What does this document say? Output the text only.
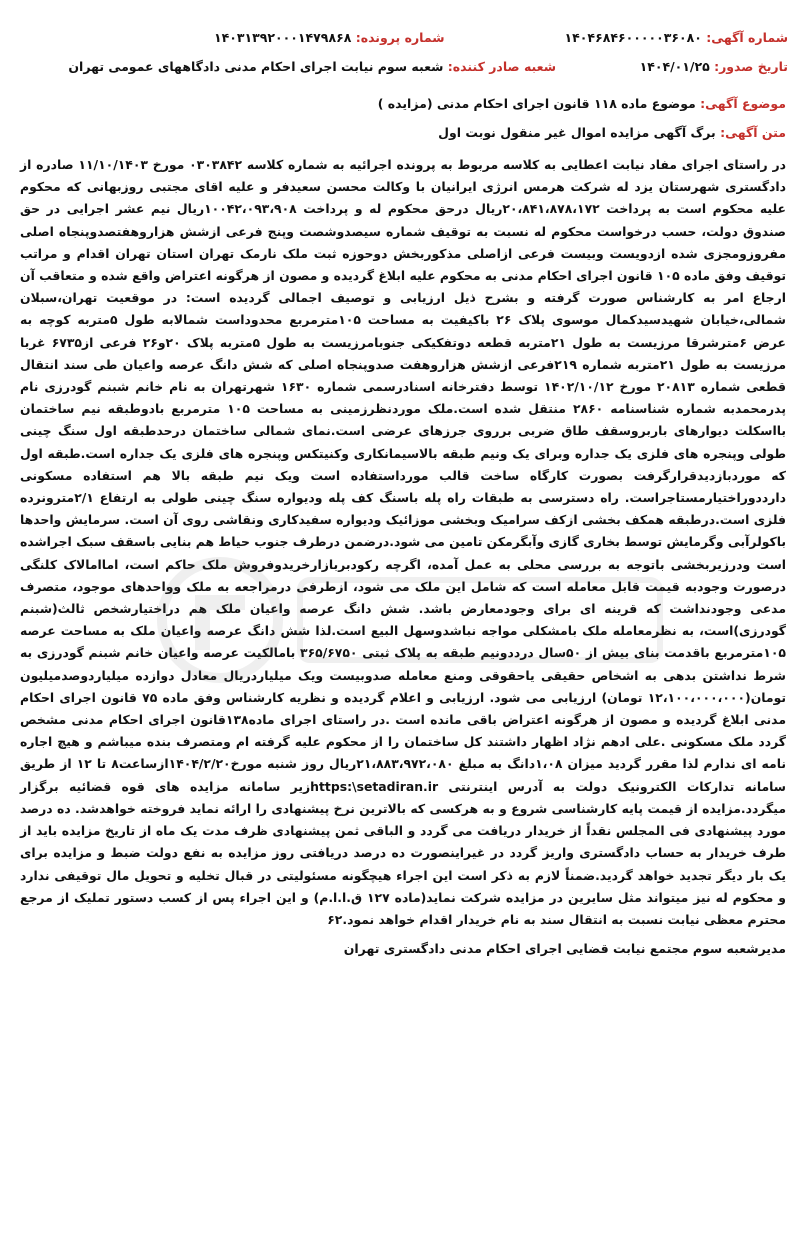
شماره آگهی: ۱۴۰۴۶۸۴۶۰۰۰۰۰۳۶۰۸۰
شماره پرونده: ۱۴۰۳۱۳۹۲۰۰۰۱۴۷۹۸۶۸
تاریخ صدور: ۱۴۰۴/۰۱/۲۵
شعبه صادر کننده: شعبه سوم نیابت اجرای احکام مدنی دادگاههای عمومی تهران
موضوع آگهی: موضوع ماده ۱۱۸ قانون اجرای احکام مدنی (مزایده )
متن آگهی: برگ آگهی مزایده اموال غیر منقول نوبت اول
در راستای اجرای مفاد نیابت اعطایی به کلاسه مربوط به پرونده اجرائیه به شماره کلاسه ۰۳۰۳۸۴۲ مورخ ۱۱/۱۰/۱۴۰۳ صادره از دادگستری شهرستان یزد له شرکت هرمس انرژی ایرانیان با وکالت محسن سعیدفر و علیه اقای مجتبی روزبهانی که محکوم علیه محکوم است به پرداخت ۲۰،۸۴۱،۸۷۸،۱۷۲ریال درحق محکوم له و پرداخت ۱۰۰۴۲،۰۹۳،۹۰۸ریال نیم عشر اجرایی در حق صندوق دولت، حسب درخواست محکوم له نسبت به توقیف شماره سیصدوشصت وپنج فرعی ازشش هزاروهفتصدوپنجاه اصلی مفروزومجزی شده ازدویست وبیست فرعی ازاصلی مذکوربخش دوحوزه ثبت ملک نارمک تهران استان تهران اقدام و مراتب توقیف وفق ماده ۱۰۵ قانون اجرای احکام مدنی به محکوم علیه ابلاغ گردیده و مصون از هرگونه اعتراض واقع شده و متعاقب آن ارجاع امر به کارشناس صورت گرفته و بشرح ذیل ارزیابی و توصیف اجمالی گردیده است: در موقعیت تهران،سبلان شمالی،خیابان شهیدسیدکمال موسوی پلاک ۲۶ باکیفیت به مساحت ۱۰۵مترمربع محدوداست شمالابه طول ۵متربه کوچه به عرض ۶مترشرقا مرزیست به طول ۲۱متربه قطعه دوتفکیکی جنوبامرزیست به طول ۵متربه پلاک ۲۰و۲۶ فرعی از۶۷۳۵ غربا مرزیست به طول ۲۱متربه شماره ۲۱۹فرعی ازشش هزاروهفت صدوپنجاه اصلی که شش دانگ عرصه واعیان طی سند انتقال قطعی شماره ۲۰۸۱۳ مورخ ۱۴۰۲/۱۰/۱۲ توسط دفترخانه اسنادرسمی شماره ۱۶۳۰ شهرتهران به نام خانم شبنم گودرزی نام پدرمحمدبه شماره شناسنامه ۲۸۶۰ منتقل شده است.ملک موردنظرزمینی به مساحت ۱۰۵ مترمربع بادوطبقه نیم ساختمان بااسکلت دیوارهای باربروسقف طاق ضربی برروی جرزهای عرضی است.نمای شمالی ساختمان درحدطبقه اول سنگ چینی طولی وپنجره های فلزی یک جداره وبرای یک ونیم طبقه بالاسیمانکاری وکنیتکس وپنجره های فلزی یک جداره است.طبقه اول که موردبازدیدقرارگرفت بصورت کارگاه ساخت قالب مورداستفاده است ویک نیم طبقه بالا هم استفاده مسکونی دارددوراختیارمستاجراست. راه دسترسی به طبقات راه پله باسنگ کف پله ودیواره سنگ چینی طولی به ارتفاع ۲/۱مترونرده فلزی است.درطبقه همکف بخشی ازکف سرامیک وبخشی موزائیک ودیواره سفیدکاری ونقاشی روی آن است. سرمایش واحدها باکولرآبی وگرمایش توسط بخاری گازی وآبگرمکن تامین می شود.درضمن درطرف جنوب حیاط هم بنایی باسقف سبک اجراشده است ودرزیربخشی باتوجه به بررسی محلی به عمل آمده، اگرچه رکودبربازارخریدوفروش ملک حاکم است، اماامالاک کلنگی درصورت وجودبه قیمت قابل معامله است که شامل این ملک می شود، ازطرفی درمراجعه به ملک وواحدهای موجود، متصرف مدعی وجودنداشت که قرینه ای برای وجودمعارض باشد. شش دانگ عرصه واعیان ملک هم دراختیارشخص ثالث(شبنم گودرزی)است، به نظرمعامله ملک بامشکلی مواجه نباشدوسهل البیع است.لذا شش دانگ عرصه واعیان ملک به مساحت عرصه ۱۰۵مترمربع باقدمت بنای بیش از ۵۰سال درددونیم طبقه به پلاک ثبتی ۳۶۵/۶۷۵۰ بامالکیت عرصه واعیان خانم شبنم گودرزی به شرط نداشتن بدهی به اشخاص حقیقی یاحقوقی ومنع معامله صدوبیست ویک میلیاردریال معادل دوازده میلیاردوصدمیلیون تومان(۱۲،۱۰۰،۰۰۰،۰۰۰ تومان) ارزیابی می شود. ارزیابی و اعلام گردیده و نظریه کارشناس وفق ماده ۷۵ قانون اجرای احکام مدنی ابلاغ گردیده و مصون از هرگونه اعتراض باقی مانده است .در راستای اجرای ماده۱۳۸قانون اجرای احکام مدنی مشخص گردد ملک مسکونی .علی ادهم نژاد اظهار داشتند کل ساختمان را از محکوم علیه گرفته ام ومتصرف بنده میباشم و هیچ اجاره نامه ای ندارم لذا مقرر گردید میزان ۱،۰۸دانگ به مبلغ ۲۱،۸۸۳،۹۷۲،۰۸۰ریال روز شنبه مورخ۱۴۰۴/۲/۲۰ازساعت۸ تا ۱۲ از طریق سامانه تدارکات الکترونیک دولت به آدرس اینترنتی https:\setadiran.irزیر سامانه مزایده های قوه قضائیه برگزار میگردد.مزایده از قیمت پایه کارشناسی شروع و به هرکسی که بالاترین نرخ پیشنهادی را ارائه نماید فروخته خواهدشد. ده درصد مورد پیشنهادی فی المجلس نقداً از خریدار دریافت می گردد و الباقی ثمن پیشنهادی ظرف مدت یک ماه از تاریخ مزایده باید از طرف خریدار به حساب دادگستری واریز گردد در غیراینصورت ده درصد دریافتی روز مزایده به نفع دولت ضبط و مزایده برای یک بار دیگر تجدید خواهد گردید.ضمناً لازم به ذکر است این اجراء هیچگونه مسئولیتی در قبال تخلیه و تحویل مال توقیفی ندارد و محکوم له نیز میتواند مثل سایرین در مزایده شرکت نماید(ماده ۱۲۷ ق.ا.ا.م) و این اجراء پس از کسب دستور تملیک از مرجع محترم معظی نیابت نسبت به انتقال سند به نام خریدار اقدام خواهد نمود.۶۲
مدیرشعبه سوم مجتمع نیابت قضایی اجرای احکام مدنی دادگستری تهران
